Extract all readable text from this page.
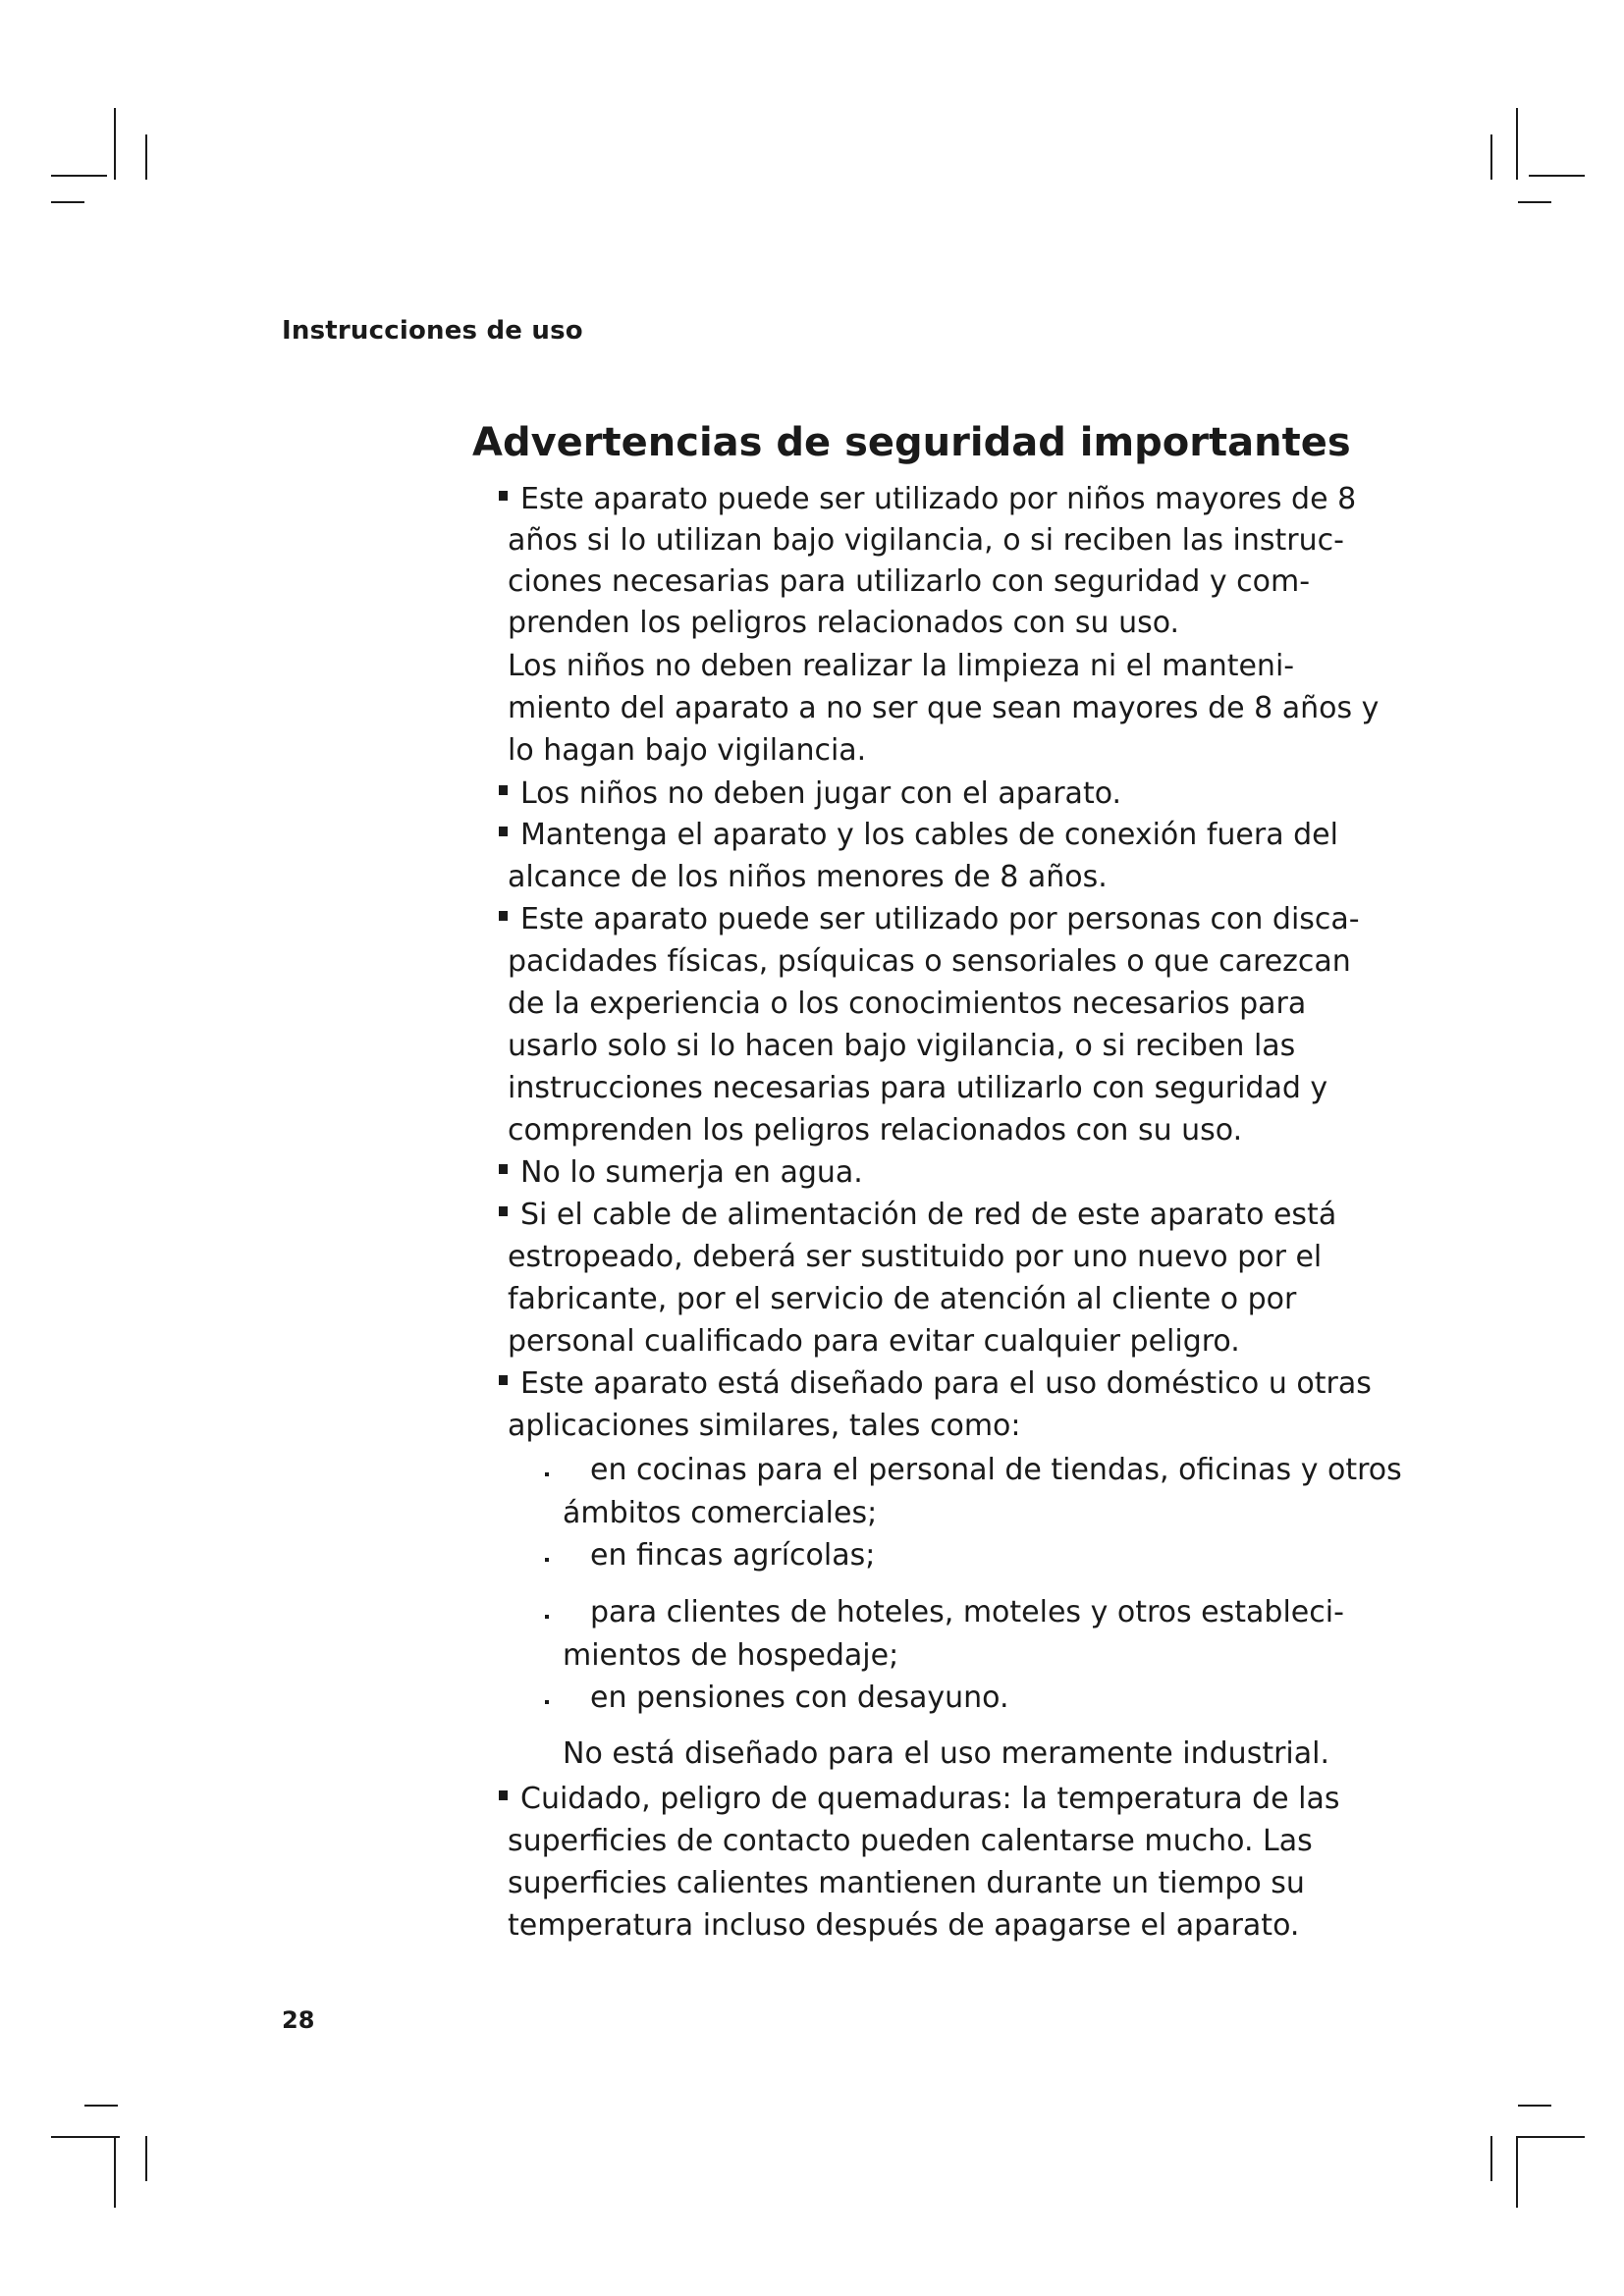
Instrucciones de uso
Advertencias de seguridad importantes
Este aparato puede ser utilizado por niños mayores de 8
años si lo utilizan bajo vigilancia, o si reciben las instruc-
ciones necesarias para utilizarlo con seguridad y com-
prenden los peligros relacionados con su uso.
Los niños no deben realizar la limpieza ni el manteni-
miento del aparato a no ser que sean mayores de 8 años y
lo hagan bajo vigilancia.
Los niños no deben jugar con el aparato.
Mantenga el aparato y los cables de conexión fuera del
alcance de los niños menores de 8 años.
Este aparato puede ser utilizado por personas con disca-
pacidades físicas, psíquicas o sensoriales o que carezcan
de la experiencia o los conocimientos necesarios para
usarlo solo si lo hacen bajo vigilancia, o si reciben las
instrucciones necesarias para utilizarlo con seguridad y
comprenden los peligros relacionados con su uso.
No lo sumerja en agua.
Si el cable de alimentación de red de este aparato está
estropeado, deberá ser sustituido por uno nuevo por el
fabricante, por el servicio de atención al cliente o por
personal cualificado para evitar cualquier peligro.
Este aparato está diseñado para el uso doméstico u otras
aplicaciones similares, tales como:
en cocinas para el personal de tiendas, oficinas y otros
ámbitos comerciales;
en fincas agrícolas;
para clientes de hoteles, moteles y otros estableci-
mientos de hospedaje;
en pensiones con desayuno.
No está diseñado para el uso meramente industrial.
Cuidado, peligro de quemaduras: la temperatura de las
superficies de contacto pueden calentarse mucho. Las
superficies calientes mantienen durante un tiempo su
temperatura incluso después de apagarse el aparato.
28
